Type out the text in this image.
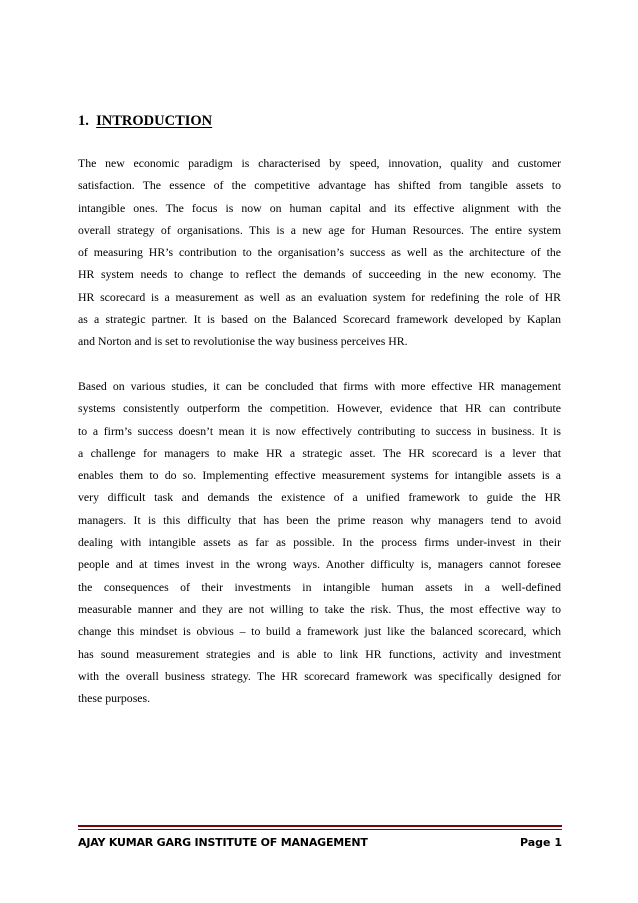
1. INTRODUCTION

The new economic paradigm is characterised by speed, innovation, quality and customer
satisfaction. The essence of the competitive advantage has shifted from tangible assets to
intangible ones. The focus is now on human capital and its effective alignment with the
overall strategy of organisations. This is a new age for Human Resources. The entire system
of measuring HR’s contribution to the organisation’s success as well as the architecture of the
HR system needs to change to reflect the demands of succeeding in the new economy. The
HR scorecard is a measurement as well as an evaluation system for redefining the role of HR
as a strategic partner. It is based on the Balanced Scorecard framework developed by Kaplan
and Norton and is set to revolutionise the way business perceives HR.

Based on various studies, it can be concluded that firms with more effective HR management
systems consistently outperform the competition. However, evidence that HR can contribute
to a firm’s success doesn’t mean it is now effectively contributing to success in business. It is
a challenge for managers to make HR a strategic asset. The HR scorecard is a lever that
enables them to do so. Implementing effective measurement systems for intangible assets is a
very difficult task and demands the existence of a unified framework to guide the HR
managers. It is this difficulty that has been the prime reason why managers tend to avoid
dealing with intangible assets as far as possible. In the process firms under-invest in their
people and at times invest in the wrong ways. Another difficulty is, managers cannot foresee
the consequences of their investments in intangible human assets in a well-defined
measurable manner and they are not willing to take the risk. Thus, the most effective way to
change this mindset is obvious – to build a framework just like the balanced scorecard, which
has sound measurement strategies and is able to link HR functions, activity and investment
with the overall business strategy. The HR scorecard framework was specifically designed for
these purposes.

AJAY KUMAR GARG INSTITUTE OF MANAGEMENT	Page 1
